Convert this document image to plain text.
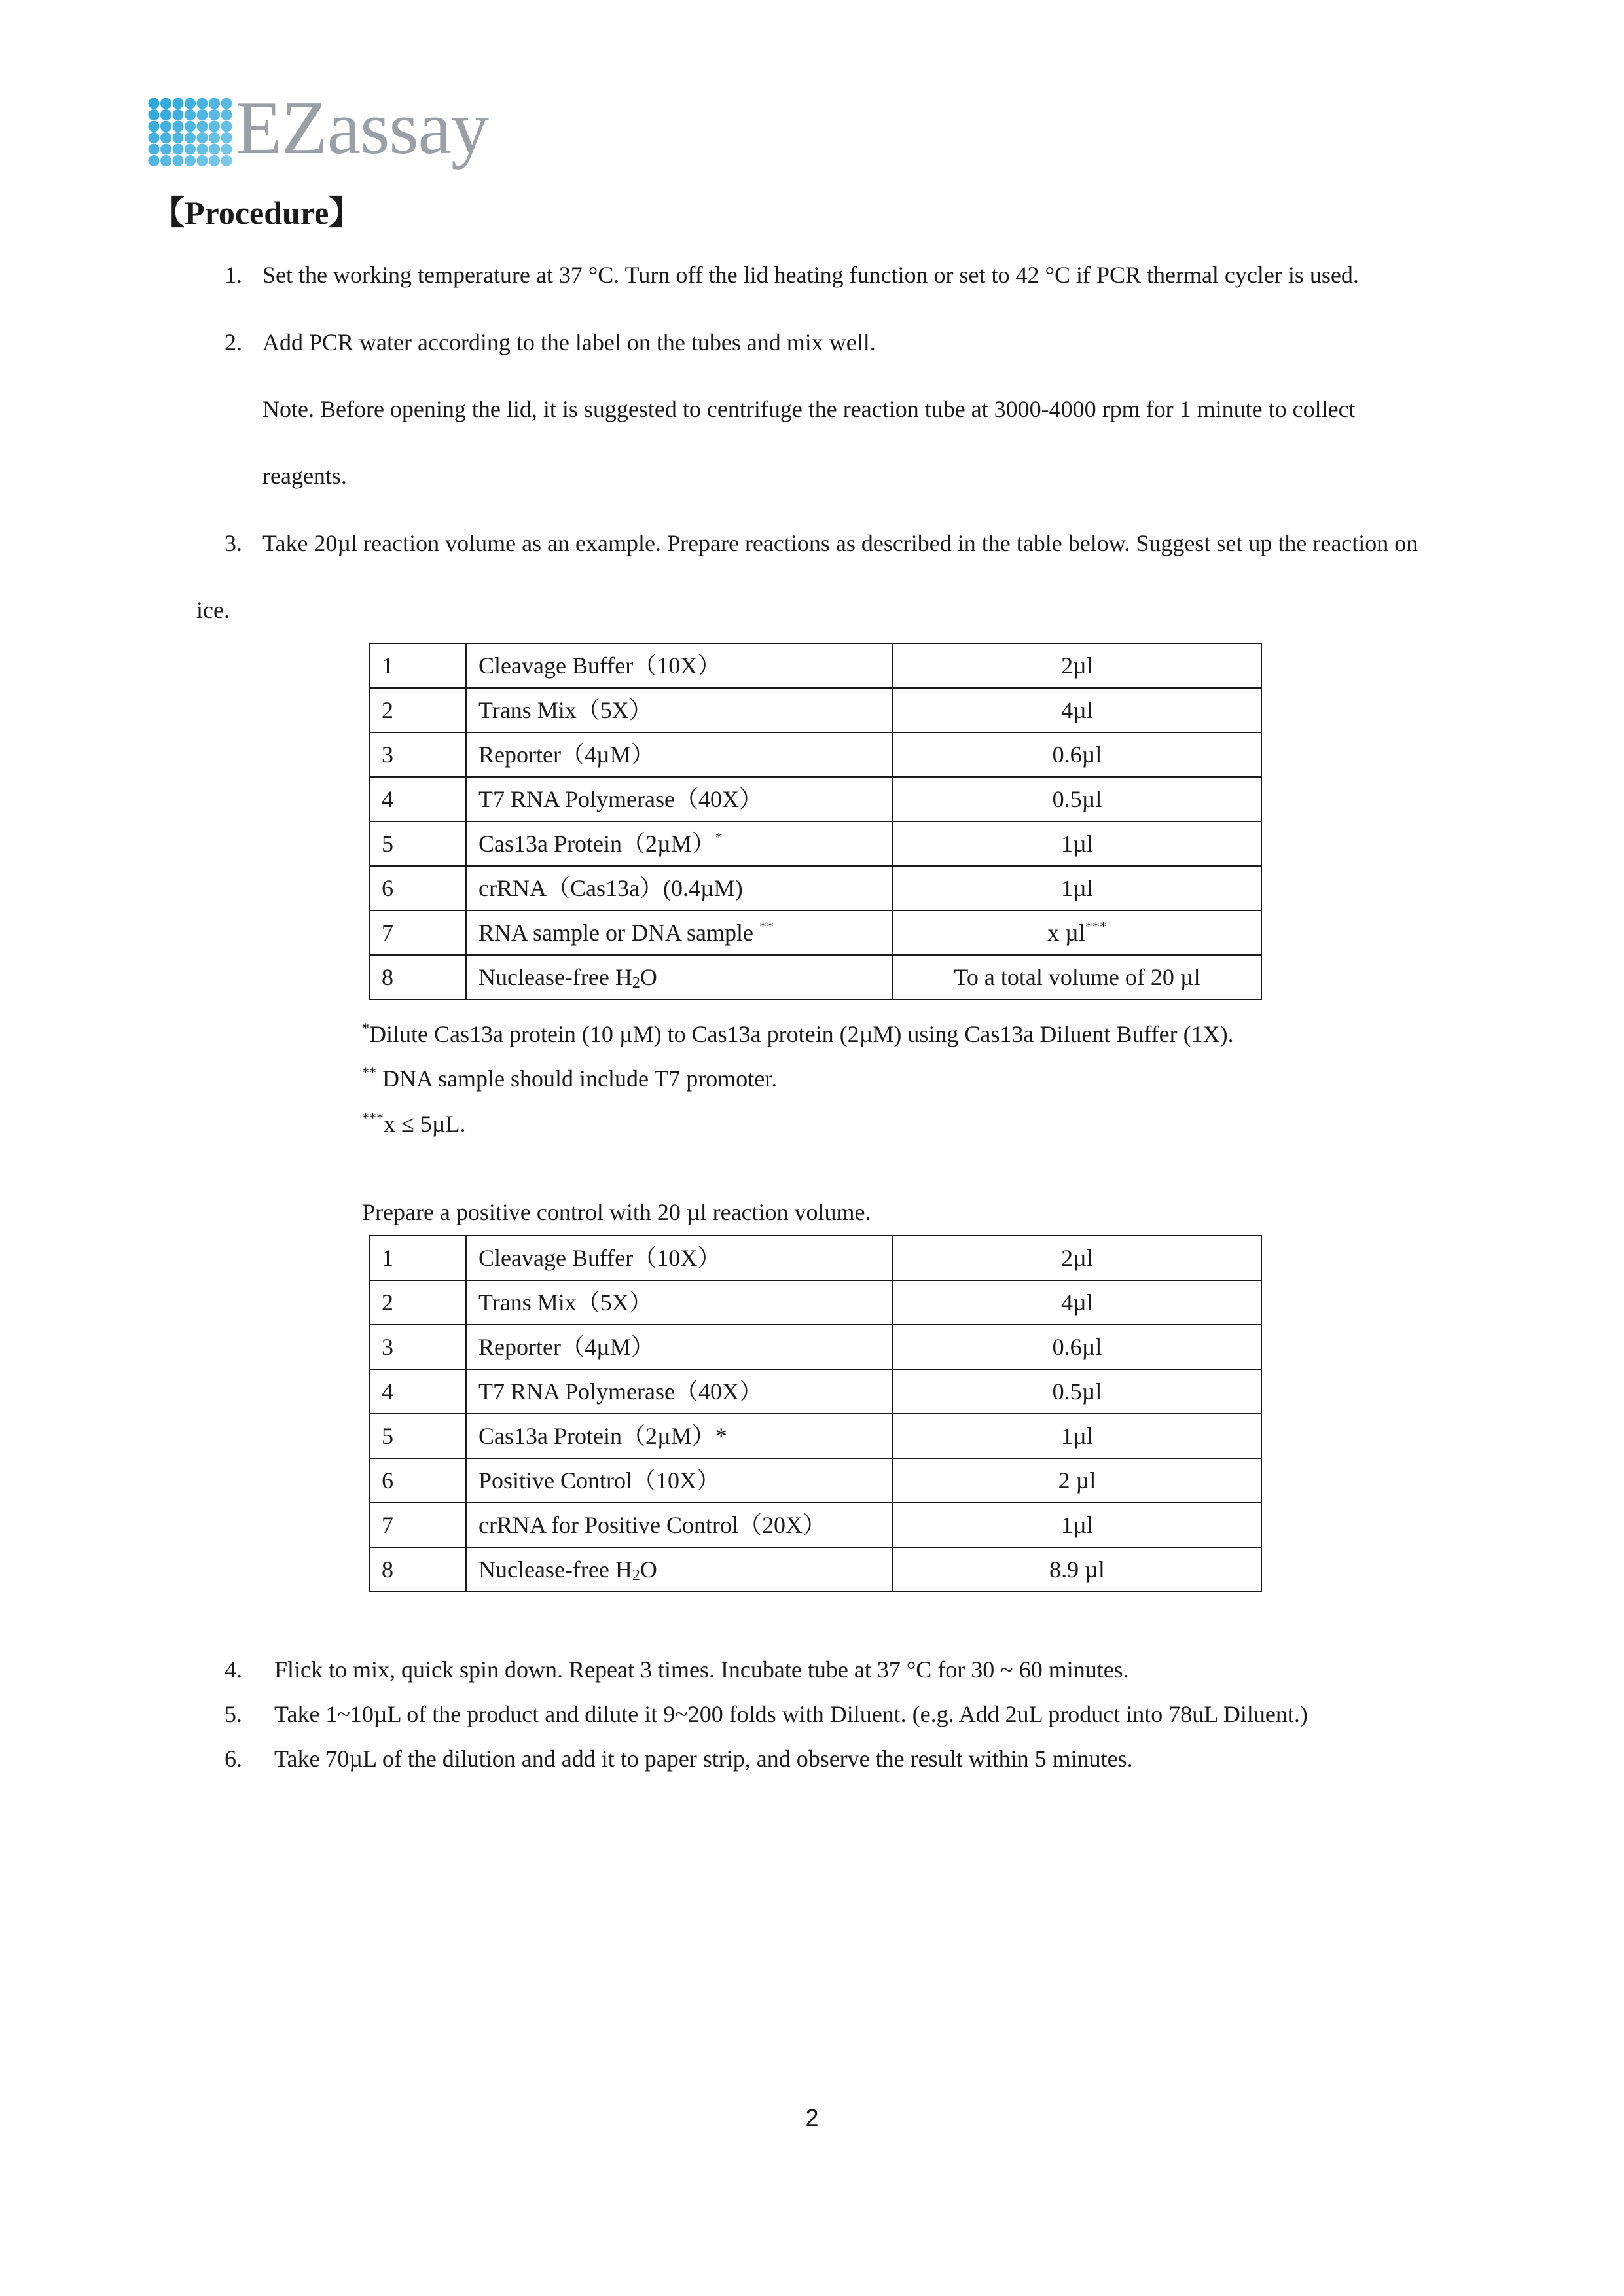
EZassay
【Procedure】
1. Set the working temperature at 37 °C. Turn off the lid heating function or set to 42 °C if PCR thermal cycler is used.
2. Add PCR water according to the label on the tubes and mix well.
Note. Before opening the lid, it is suggested to centrifuge the reaction tube at 3000-4000 rpm for 1 minute to collect
reagents.
3. Take 20µl reaction volume as an example. Prepare reactions as described in the table below. Suggest set up the reaction on
ice.
1	Cleavage Buffer（10X）	2µl
2	Trans Mix（5X）	4µl
3	Reporter（4µM）	0.6µl
4	T7 RNA Polymerase（40X）	0.5µl
5	Cas13a Protein（2µM）*	1µl
6	crRNA（Cas13a）(0.4µM)	1µl
7	RNA sample or DNA sample **	x µl***
8	Nuclease-free $H_2O$	To a total volume of 20 µl
*Dilute Cas13a protein (10 µM) to Cas13a protein (2µM) using Cas13a Diluent Buffer (1X).
** DNA sample should include T7 promoter.
***x ≤ 5µL.
Prepare a positive control with 20 µl reaction volume.
1	Cleavage Buffer（10X）	2µl
2	Trans Mix（5X）	4µl
3	Reporter（4µM）	0.6µl
4	T7 RNA Polymerase（40X）	0.5µl
5	Cas13a Protein（2µM）*	1µl
6	Positive Control（10X）	2 µl
7	crRNA for Positive Control（20X）	1µl
8	Nuclease-free $H_2O$	8.9 µl
4. Flick to mix, quick spin down. Repeat 3 times. Incubate tube at 37 °C for 30 ~ 60 minutes.
5. Take 1~10µL of the product and dilute it 9~200 folds with Diluent. (e.g. Add 2uL product into 78uL Diluent.)
6. Take 70µL of the dilution and add it to paper strip, and observe the result within 5 minutes.
2
